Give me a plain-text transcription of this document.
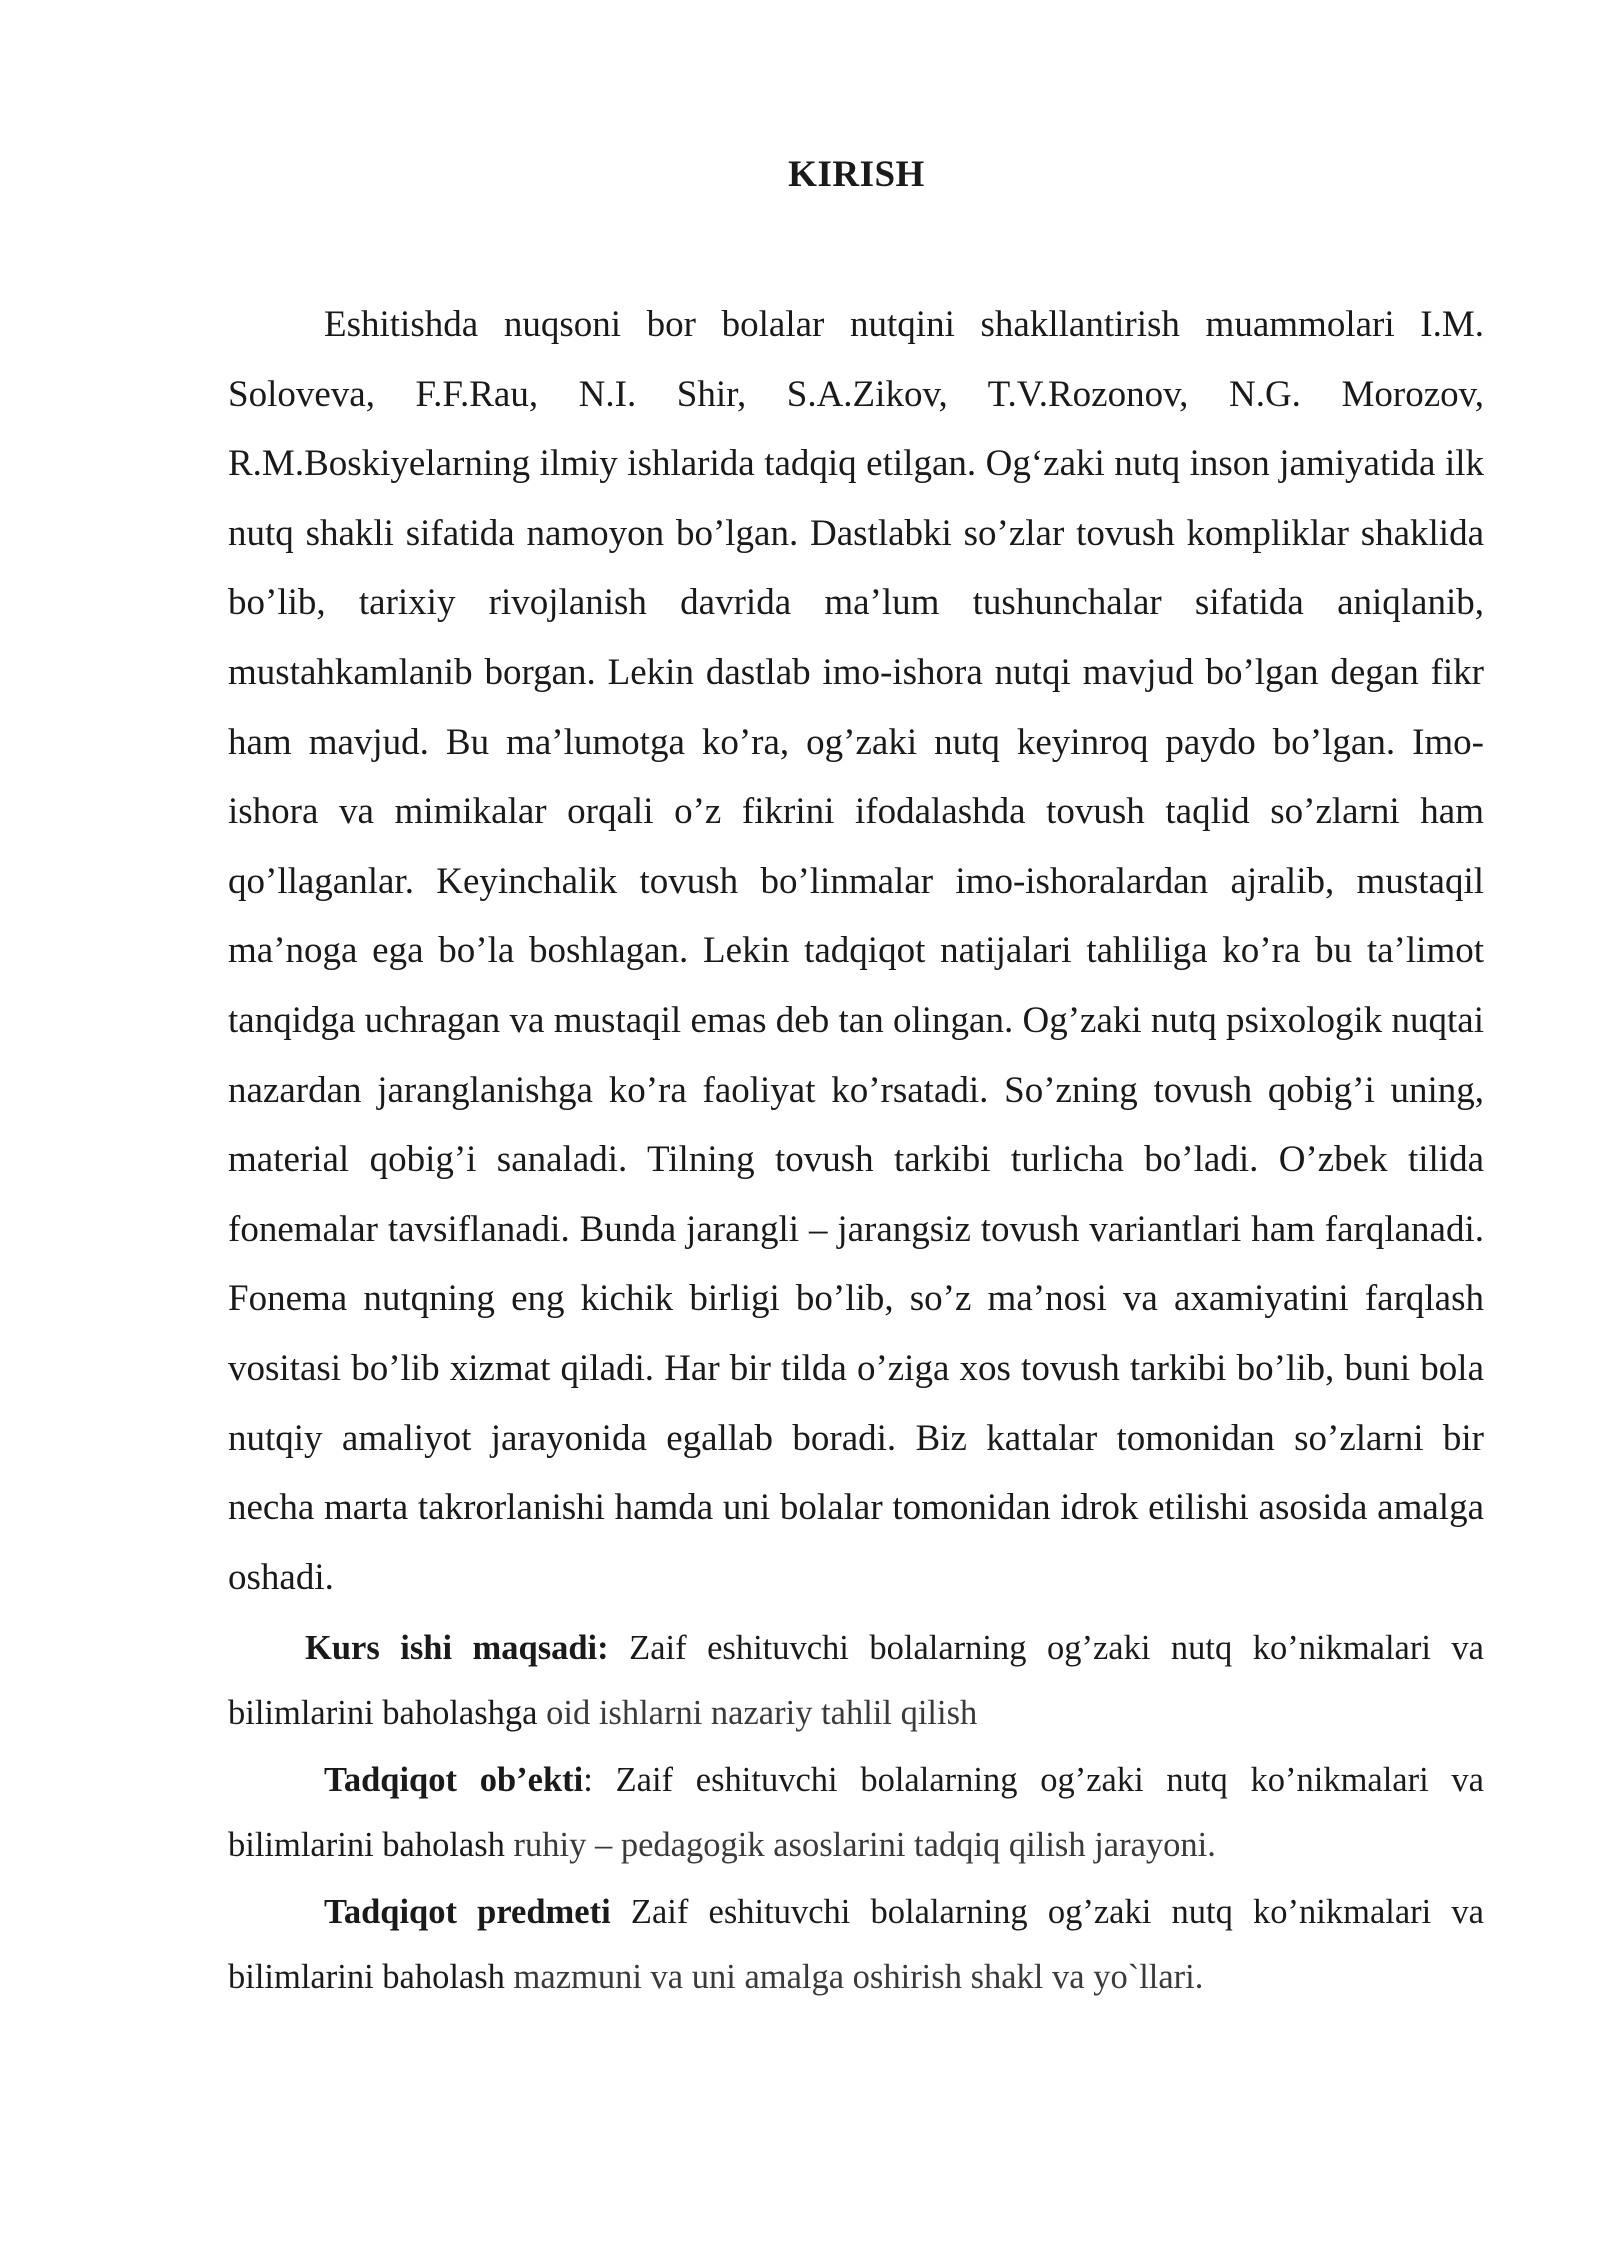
KIRISH

Eshitishda nuqsoni bor bolalar nutqini shakllantirish muammolari I.M. Soloveva, F.F.Rau, N.I. Shir, S.A.Zikov, T.V.Rozonov, N.G. Morozov, R.M.Boskiyelarning ilmiy ishlarida tadqiq etilgan. Og‘zaki nutq inson jamiyatida ilk nutq shakli sifatida namoyon bo’lgan. Dastlabki so’zlar tovush kompliklar shaklida bo’lib, tarixiy rivojlanish davrida ma’lum tushunchalar sifatida aniqlanib, mustahkamlanib borgan. Lekin dastlab imo-ishora nutqi mavjud bo’lgan degan fikr ham mavjud. Bu ma’lumotga ko’ra, og’zaki nutq keyinroq paydo bo’lgan. Imo-ishora va mimikalar orqali o’z fikrini ifodalashda tovush taqlid so’zlarni ham qo’llaganlar. Keyinchalik tovush bo’linmalar imo-ishoralardan ajralib, mustaqil ma’noga ega bo’la boshlagan. Lekin tadqiqot natijalari tahliliga ko’ra bu ta’limot tanqidga uchragan va mustaqil emas deb tan olingan. Og’zaki nutq psixologik nuqtai nazardan jaranglanishga ko’ra faoliyat ko’rsatadi. So’zning tovush qobig’i uning, material qobig’i sanaladi. Tilning tovush tarkibi turlicha bo’ladi. O’zbek tilida fonemalar tavsiflanadi. Bunda jarangli – jarangsiz tovush variantlari ham farqlanadi. Fonema nutqning eng kichik birligi bo’lib, so’z ma’nosi va axamiyatini farqlash vositasi bo’lib xizmat qiladi. Har bir tilda o’ziga xos tovush tarkibi bo’lib, buni bola nutqiy amaliyot jarayonida egallab boradi. Biz kattalar tomonidan so’zlarni bir necha marta takrorlanishi hamda uni bolalar tomonidan idrok etilishi asosida amalga oshadi.

Kurs ishi maqsadi: Zaif eshituvchi bolalarning og’zaki nutq ko’nikmalari va bilimlarini baholashga oid ishlarni nazariy tahlil qilish

Tadqiqot ob’ekti: Zaif eshituvchi bolalarning og’zaki nutq ko’nikmalari va bilimlarini baholash ruhiy – pedagogik asoslarini tadqiq qilish jarayoni.

Tadqiqot predmeti Zaif eshituvchi bolalarning og’zaki nutq ko’nikmalari va bilimlarini baholash mazmuni va uni amalga oshirish shakl va yo`llari.
